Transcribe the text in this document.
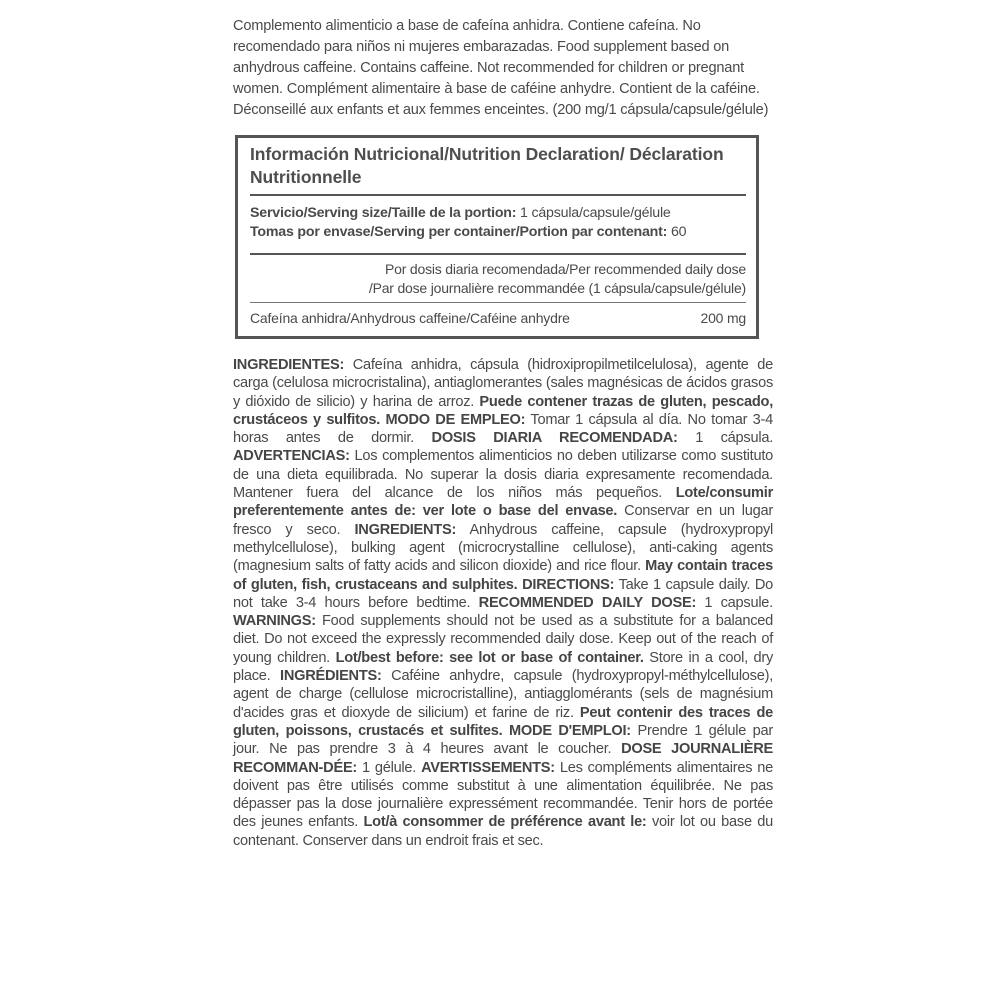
Complemento alimenticio a base de cafeína anhidra. Contiene cafeína. No recomendado para niños ni mujeres embarazadas. Food supplement based on anhydrous caffeine. Contains caffeine. Not recommended for children or pregnant women. Complément alimentaire à base de caféine anhydre. Contient de la caféine. Déconseillé aux enfants et aux femmes enceintes. (200 mg/1 cápsula/capsule/gélule)

Información Nutricional/Nutrition Declaration/ Déclaration Nutritionnelle
Servicio/Serving size/Taille de la portion: 1 cápsula/capsule/gélule
Tomas por envase/Serving per container/Portion par contenant: 60
Por dosis diaria recomendada/Per recommended daily dose
/Par dose journalière recommandée (1 cápsula/capsule/gélule)
Cafeína anhidra/Anhydrous caffeine/Caféine anhydre	200 mg
INGREDIENTES: Cafeína anhidra, cápsula (hidroxipropilmetilcelulosa), agente de carga (celulosa microcristalina), antiaglomerantes (sales magnésicas de ácidos grasos y dióxido de silicio) y harina de arroz. Puede contener trazas de gluten, pescado, crustáceos y sulfitos. MODO DE EMPLEO: Tomar 1 cápsula al día. No tomar 3-4 horas antes de dormir. DOSIS DIARIA RECOMENDADA: 1 cápsula. ADVERTENCIAS: Los complementos alimenticios no deben utilizarse como sustituto de una dieta equilibrada. No superar la dosis diaria expresamente recomendada. Mantener fuera del alcance de los niños más pequeños. Lote/consumir preferentemente antes de: ver lote o base del envase. Conservar en un lugar fresco y seco. INGREDIENTS: Anhydrous caffeine, capsule (hydroxypropyl methylcellulose), bulking agent (microcrystalline cellulose), anti-caking agents (magnesium salts of fatty acids and silicon dioxide) and rice flour. May contain traces of gluten, fish, crustaceans and sulphites. DIRECTIONS: Take 1 capsule daily. Do not take 3-4 hours before bedtime. RECOMMENDED DAILY DOSE: 1 capsule. WARNINGS: Food supplements should not be used as a substitute for a balanced diet. Do not exceed the expressly recommended daily dose. Keep out of the reach of young children. Lot/best before: see lot or base of container. Store in a cool, dry place. INGRÉDIENTS: Caféine anhydre, capsule (hydroxypropyl-méthylcellulose), agent de charge (cellulose microcristalline), antiagglomérants (sels de magnésium d'acides gras et dioxyde de silicium) et farine de riz. Peut contenir des traces de gluten, poissons, crustacés et sulfites. MODE D'EMPLOI: Prendre 1 gélule par jour. Ne pas prendre 3 à 4 heures avant le coucher. DOSE JOURNALIÈRE RECOMMAN-DÉE: 1 gélule. AVERTISSEMENTS: Les compléments alimentaires ne doivent pas être utilisés comme substitut à une alimentation équilibrée. Ne pas dépasser pas la dose journalière expressément recommandée. Tenir hors de portée des jeunes enfants. Lot/à consommer de préférence avant le: voir lot ou base du contenant. Conserver dans un endroit frais et sec.
